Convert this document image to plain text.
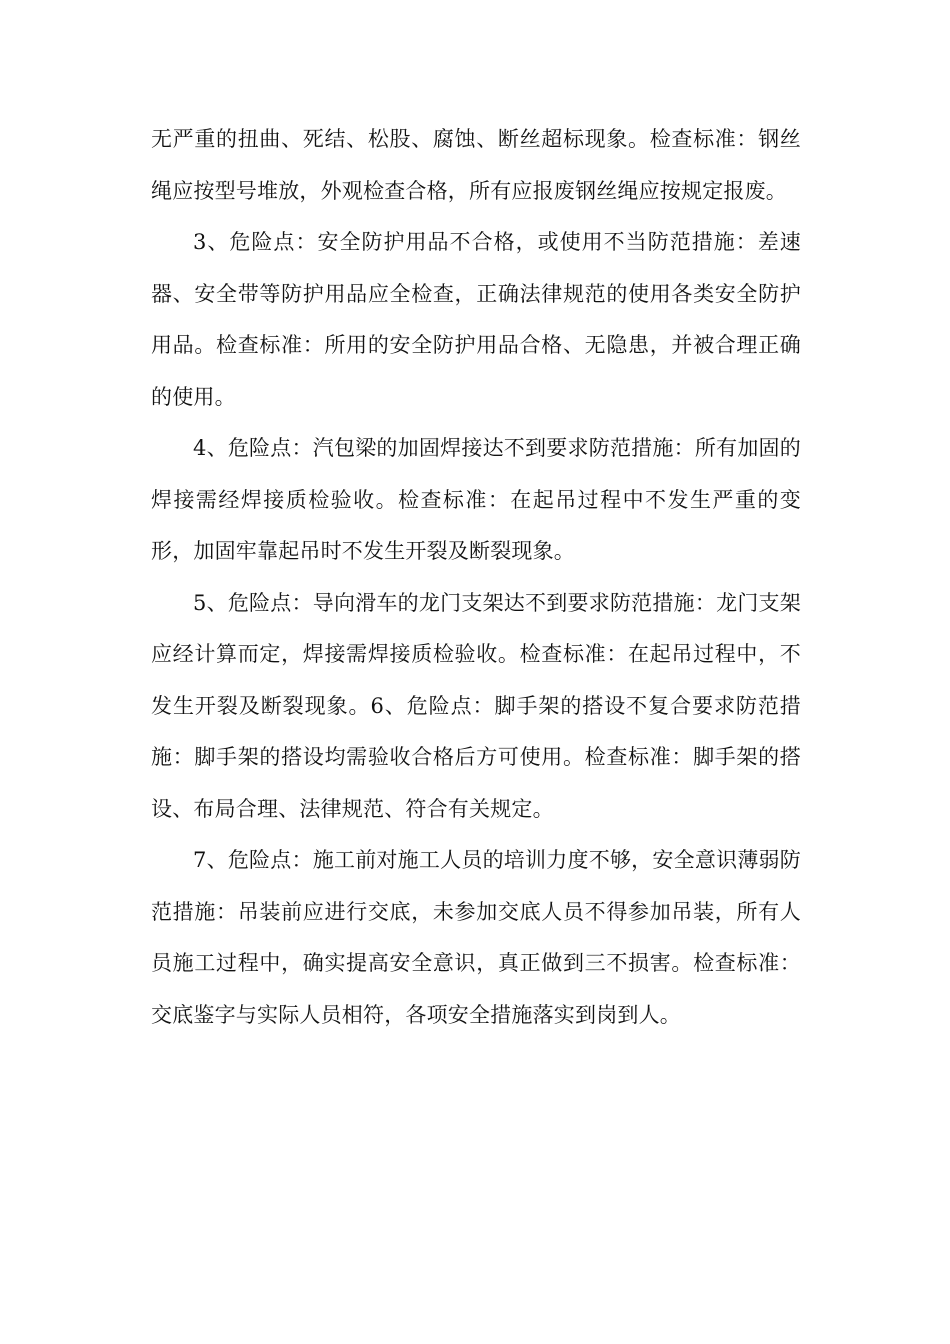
无严重的扭曲、死结、松股、腐蚀、断丝超标现象。检查标准：钢丝绳应按型号堆放，外观检查合格，所有应报废钢丝绳应按规定报废。

3、危险点：安全防护用品不合格，或使用不当防范措施：差速器、安全带等防护用品应全检查，正确法律规范的使用各类安全防护用品。检查标准：所用的安全防护用品合格、无隐患，并被合理正确的使用。

4、危险点：汽包梁的加固焊接达不到要求防范措施：所有加固的焊接需经焊接质检验收。检查标准：在起吊过程中不发生严重的变形，加固牢靠起吊时不发生开裂及断裂现象。

5、危险点：导向滑车的龙门支架达不到要求防范措施：龙门支架应经计算而定，焊接需焊接质检验收。检查标准：在起吊过程中，不发生开裂及断裂现象。6、危险点：脚手架的搭设不复合要求防范措施：脚手架的搭设均需验收合格后方可使用。检查标准：脚手架的搭设、布局合理、法律规范、符合有关规定。

7、危险点：施工前对施工人员的培训力度不够，安全意识薄弱防范措施：吊装前应进行交底，未参加交底人员不得参加吊装，所有人员施工过程中，确实提高安全意识，真正做到三不损害。检查标准：交底鉴字与实际人员相符，各项安全措施落实到岗到人。
